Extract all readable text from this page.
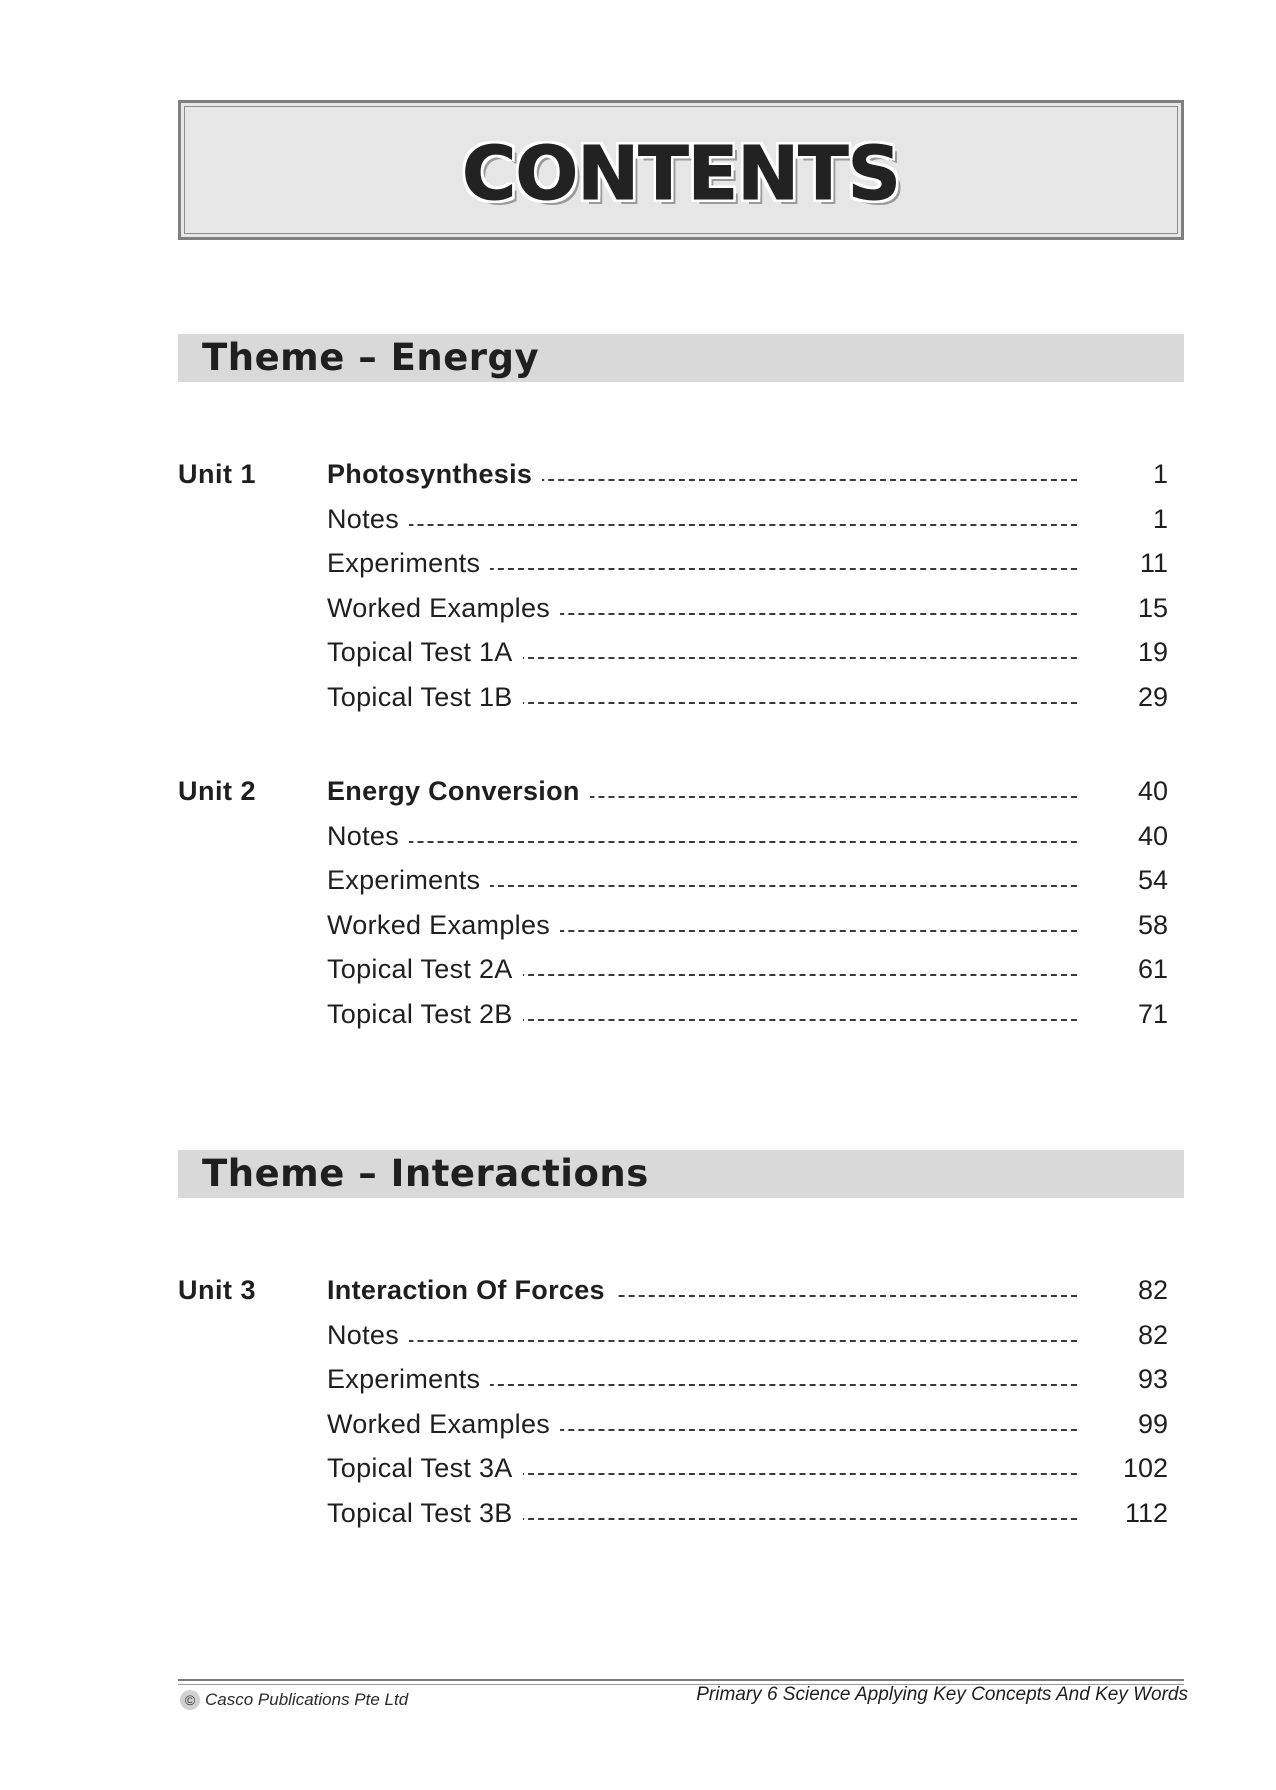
CONTENTS
Theme – Energy
Unit 1	Photosynthesis	1
Notes	1
Experiments	11
Worked Examples	15
Topical Test 1A	19
Topical Test 1B	29
Unit 2	Energy Conversion	40
Notes	40
Experiments	54
Worked Examples	58
Topical Test 2A	61
Topical Test 2B	71
Theme – Interactions
Unit 3	Interaction Of Forces	82
Notes	82
Experiments	93
Worked Examples	99
Topical Test 3A	102
Topical Test 3B	112
© Casco Publications Pte Ltd	Primary 6 Science Applying Key Concepts And Key Words
